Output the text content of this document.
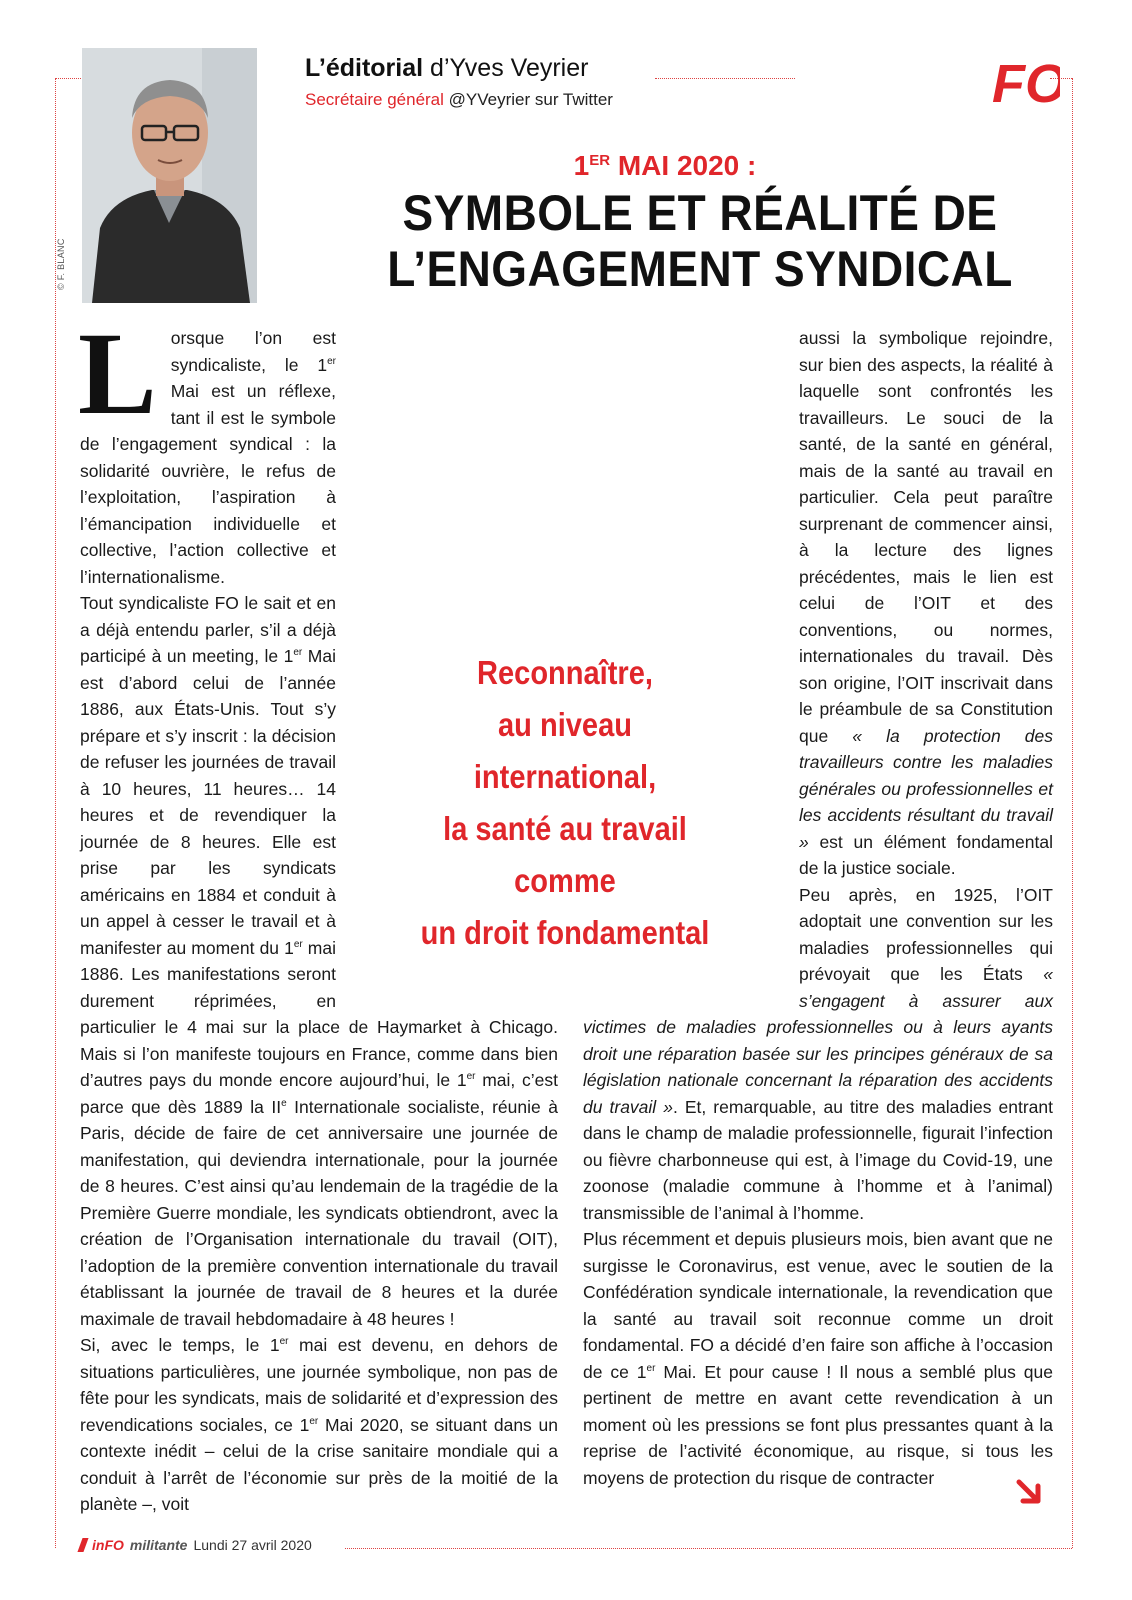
© F. BLANC
L’éditorial d’Yves Veyrier
Secrétaire général @YVeyrier sur Twitter	FO
1ER MAI 2020 :
SYMBOLE ET RÉALITÉ DE
L’ENGAGEMENT SYNDICAL

Lorsque l’on est syndicaliste, le 1er Mai est un réflexe, tant il est le symbole de l’engagement syndical : la solidarité ouvrière, le refus de l’exploitation, l’aspiration à l’émancipation individuelle et collective, l’action collective et l’internationalisme.

Tout syndicaliste FO le sait et en a déjà entendu parler, s’il a déjà participé à un meeting, le 1er Mai est d’abord celui de l’année 1886, aux États-Unis. Tout s’y prépare et s’y inscrit : la décision de refuser les journées de travail à 10 heures, 11 heures… 14 heures et de revendiquer la journée de 8 heures. Elle est prise par les syndicats américains en 1884 et conduit à un appel à cesser le travail et à manifester au moment du 1er mai 1886. Les manifestations seront durement réprimées, en particulier le 4 mai sur la place de Haymarket à Chicago. Mais si l’on manifeste toujours en France, comme dans bien d’autres pays du monde encore aujourd’hui, le 1er mai, c’est parce que dès 1889 la IIe Internationale socialiste, réunie à Paris, décide de faire de cet anniversaire une journée de manifestation, qui deviendra internationale, pour la journée de 8 heures. C’est ainsi qu’au lendemain de la tragédie de la Première Guerre mondiale, les syndicats obtiendront, avec la création de l’Organisation internationale du travail (OIT), l’adoption de la première convention internationale du travail établissant la journée de travail de 8 heures et la durée maximale de travail hebdomadaire à 48 heures !

Si, avec le temps, le 1er mai est devenu, en dehors de situations particulières, une journée symbolique, non pas de fête pour les syndicats, mais de solidarité et d’expression des revendications sociales, ce 1er Mai 2020, se situant dans un contexte inédit – celui de la crise sanitaire mondiale qui a conduit à l’arrêt de l’économie sur près de la moitié de la planète –, voit

aussi la symbolique rejoindre, sur bien des aspects, la réalité à laquelle sont confrontés les travailleurs. Le souci de la santé, de la santé en général, mais de la santé au travail en particulier. Cela peut paraître surprenant de commencer ainsi, à la lecture des lignes précédentes, mais le lien est celui de l’OIT et des conventions, ou normes, internationales du travail. Dès son origine, l’OIT inscrivait dans le préambule de sa Constitution que « la protection des travailleurs contre les maladies générales ou professionnelles et les accidents résultant du travail » est un élément fondamental de la justice sociale.

Peu après, en 1925, l’OIT adoptait une convention sur les maladies professionnelles qui prévoyait que les États « s’engagent à assurer aux victimes de maladies professionnelles ou à leurs ayants droit une réparation basée sur les principes généraux de sa législation nationale concernant la réparation des accidents du travail ». Et, remarquable, au titre des maladies entrant dans le champ de maladie professionnelle, figurait l’infection ou fièvre charbonneuse qui est, à l’image du Covid-19, une zoonose (maladie commune à l’homme et à l’animal) transmissible de l’animal à l’homme.

Plus récemment et depuis plusieurs mois, bien avant que ne surgisse le Coronavirus, est venue, avec le soutien de la Confédération syndicale internationale, la revendication que la santé au travail soit reconnue comme un droit fondamental. FO a décidé d’en faire son affiche à l’occasion de ce 1er Mai. Et pour cause ! Il nous a semblé plus que pertinent de mettre en avant cette revendication à un moment où les pressions se font plus pressantes quant à la reprise de l’activité économique, au risque, si tous les moyens de protection du risque de contracter

Reconnaître,
au niveau
international,
la santé au travail
comme
un droit fondamental
inFO militante Lundi 27 avril 2020
